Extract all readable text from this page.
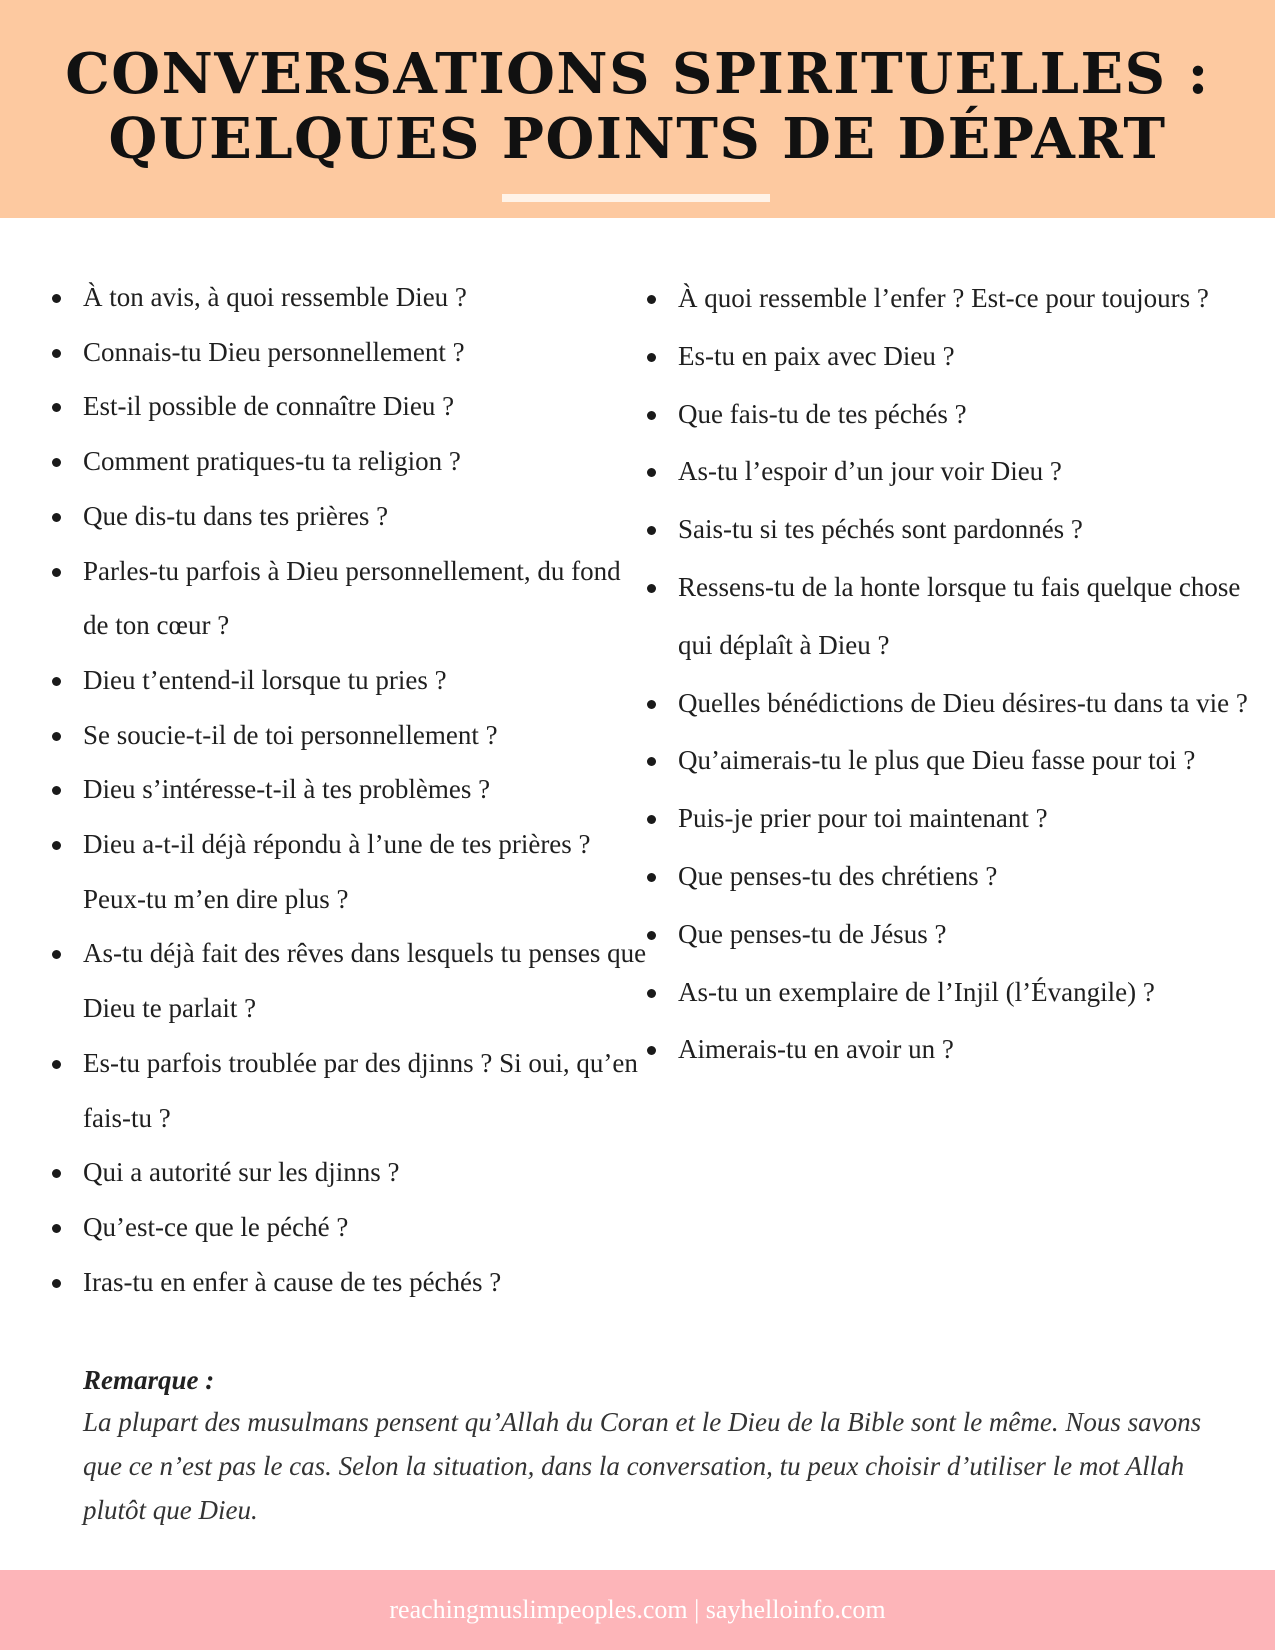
CONVERSATIONS SPIRITUELLES :
QUELQUES POINTS DE DÉPART
À ton avis, à quoi ressemble Dieu ?
Connais-tu Dieu personnellement ?
Est-il possible de connaître Dieu ?
Comment pratiques-tu ta religion ?
Que dis-tu dans tes prières ?
Parles-tu parfois à Dieu personnellement, du fond de ton cœur ?
Dieu t’entend-il lorsque tu pries ?
Se soucie-t-il de toi personnellement ?
Dieu s’intéresse-t-il à tes problèmes ?
Dieu a-t-il déjà répondu à l’une de tes prières ? Peux-tu m’en dire plus ?
As-tu déjà fait des rêves dans lesquels tu penses que Dieu te parlait ?
Es-tu parfois troublée par des djinns ? Si oui, qu’en fais-tu ?
Qui a autorité sur les djinns ?
Qu’est-ce que le péché ?
Iras-tu en enfer à cause de tes péchés ?
À quoi ressemble l’enfer ? Est-ce pour toujours ?
Es-tu en paix avec Dieu ?
Que fais-tu de tes péchés ?
As-tu l’espoir d’un jour voir Dieu ?
Sais-tu si tes péchés sont pardonnés ?
Ressens-tu de la honte lorsque tu fais quelque chose qui déplaît à Dieu ?
Quelles bénédictions de Dieu désires-tu dans ta vie ?
Qu’aimerais-tu le plus que Dieu fasse pour toi ?
Puis-je prier pour toi maintenant ?
Que penses-tu des chrétiens ?
Que penses-tu de Jésus ?
As-tu un exemplaire de l’Injil (l’Évangile) ?
Aimerais-tu en avoir un ?
Remarque :

La plupart des musulmans pensent qu’Allah du Coran et le Dieu de la Bible sont le même. Nous savons que ce n’est pas le cas. Selon la situation, dans la conversation, tu peux choisir d’utiliser le mot Allah plutôt que Dieu.

reachingmuslimpeoples.com | sayhelloinfo.com
